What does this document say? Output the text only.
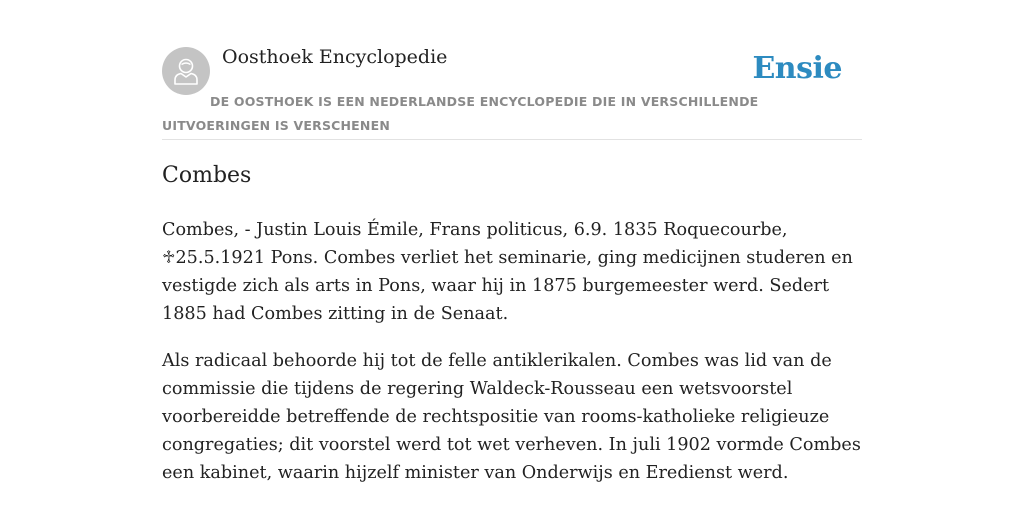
Oosthoek Encyclopedie	Ensie
DE OOSTHOEK IS EEN NEDERLANDSE ENCYCLOPEDIE DIE IN VERSCHILLENDE UITVOERINGEN IS VERSCHENEN
Combes

Combes, - Justin Louis Émile, Frans politicus, 6.9. 1835 Roquecourbe, ♱25.5.1921 Pons. Combes verliet het seminarie, ging medicijnen studeren en vestigde zich als arts in Pons, waar hij in 1875 burgemeester werd. Sedert 1885 had Combes zitting in de Senaat.

Als radicaal behoorde hij tot de felle antiklerikalen. Combes was lid van de commissie die tijdens de regering Waldeck-Rousseau een wetsvoorstel voorbereidde betreffende de rechtspositie van rooms-katholieke religieuze congregaties; dit voorstel werd tot wet verheven. In juli 1902 vormde Combes een kabinet, waarin hijzelf minister van Onderwijs en Eredienst werd.
